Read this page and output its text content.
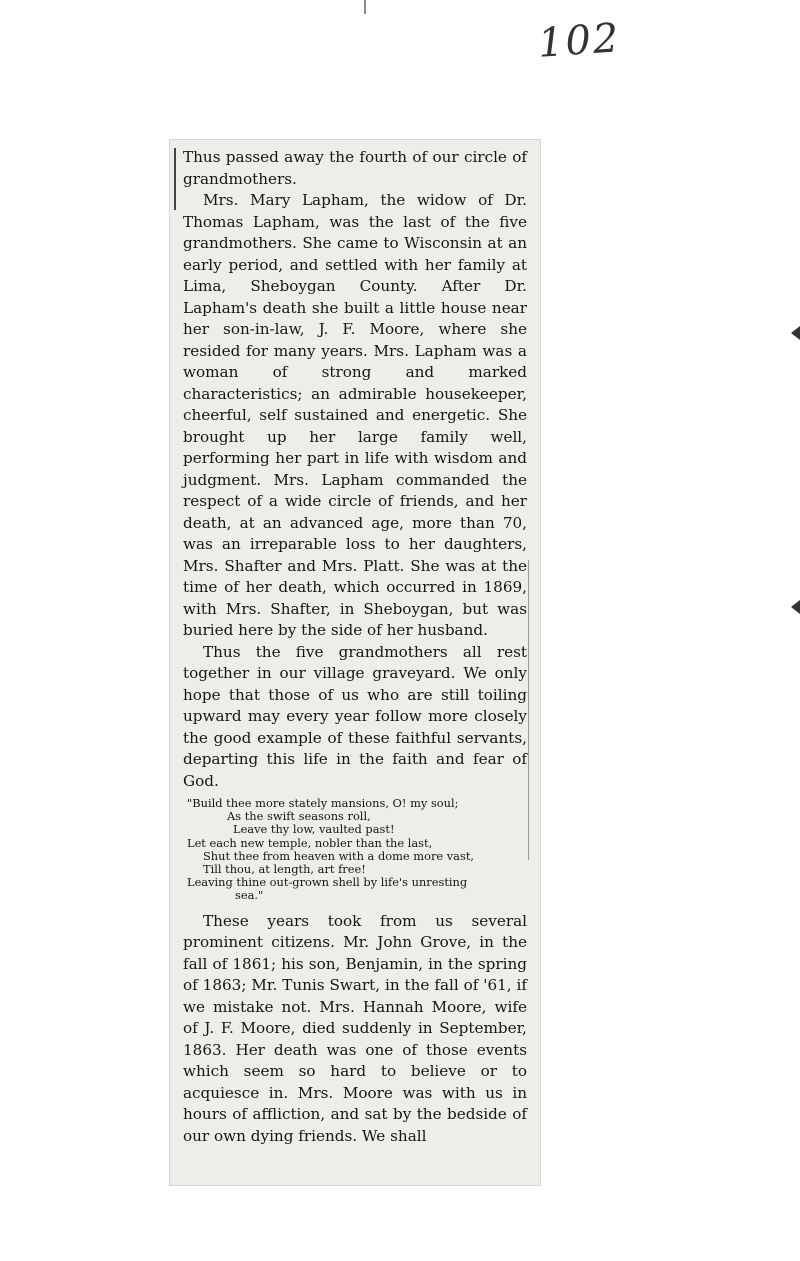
102

Thus passed away the fourth of our circle of grandmothers.

Mrs. Mary Lapham, the widow of Dr. Thomas Lapham, was the last of the five grandmothers. She came to Wisconsin at an early period, and settled with her family at Lima, Sheboygan County. After Dr. Lapham's death she built a little house near her son-in-law, J. F. Moore, where she resided for many years. Mrs. Lapham was a woman of strong and marked characteristics; an admirable housekeeper, cheerful, self sustained and energetic. She brought up her large family well, performing her part in life with wisdom and judgment. Mrs. Lapham commanded the respect of a wide circle of friends, and her death, at an advanced age, more than 70, was an irreparable loss to her daughters, Mrs. Shafter and Mrs. Platt. She was at the time of her death, which occurred in 1869, with Mrs. Shafter, in Sheboygan, but was buried here by the side of her husband.

Thus the five grandmothers all rest together in our village graveyard. We only hope that those of us who are still toiling upward may every year follow more closely the good example of these faithful servants, departing this life in the faith and fear of God.

"Build thee more stately mansions, O! my soul;
As the swift seasons roll,
Leave thy low, vaulted past!
Let each new temple, nobler than the last,
Shut thee from heaven with a dome more vast,
Till thou, at length, art free!
Leaving thine out-grown shell by life's unresting
sea."

These years took from us several prominent citizens. Mr. John Grove, in the fall of 1861; his son, Benjamin, in the spring of 1863; Mr. Tunis Swart, in the fall of '61, if we mistake not. Mrs. Hannah Moore, wife of J. F. Moore, died suddenly in September, 1863. Her death was one of those events which seem so hard to believe or to acquiesce in. Mrs. Moore was with us in hours of affliction, and sat by the bedside of our own dying friends. We shall
